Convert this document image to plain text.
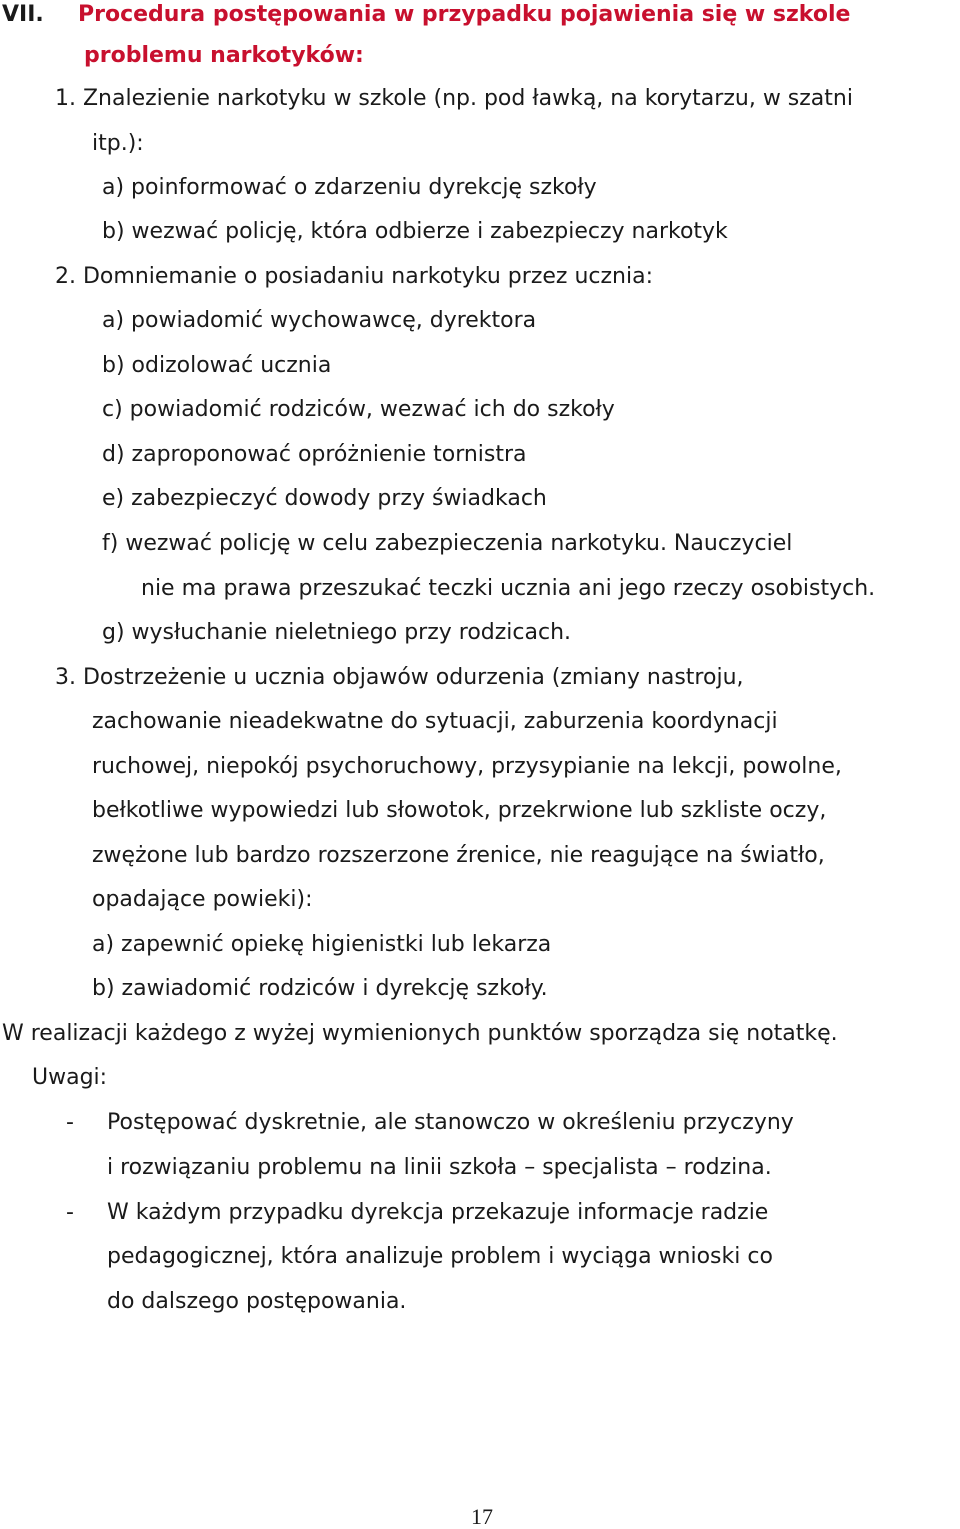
VII. Procedura postępowania w przypadku pojawienia się w szkole
problemu narkotyków:
1. Znalezienie narkotyku w szkole (np. pod ławką, na korytarzu, w szatni
itp.):
a) poinformować o zdarzeniu dyrekcję szkoły
b) wezwać policję, która odbierze i zabezpieczy narkotyk
2. Domniemanie o posiadaniu narkotyku przez ucznia:
a) powiadomić wychowawcę, dyrektora
b) odizolować ucznia
c) powiadomić rodziców, wezwać ich do szkoły
d) zaproponować opróżnienie tornistra
e) zabezpieczyć dowody przy świadkach
f) wezwać policję w celu zabezpieczenia narkotyku. Nauczyciel
nie ma prawa przeszukać teczki ucznia ani jego rzeczy osobistych.
g) wysłuchanie nieletniego przy rodzicach.
3. Dostrzeżenie u ucznia objawów odurzenia (zmiany nastroju,
zachowanie nieadekwatne do sytuacji, zaburzenia koordynacji
ruchowej, niepokój psychoruchowy, przysypianie na lekcji, powolne,
bełkotliwe wypowiedzi lub słowotok, przekrwione lub szkliste oczy,
zwężone lub bardzo rozszerzone źrenice, nie reagujące na światło,
opadające powieki):
a) zapewnić opiekę higienistki lub lekarza
b) zawiadomić rodziców i dyrekcję szkoły.
W realizacji każdego z wyżej wymienionych punktów sporządza się notatkę.
Uwagi:
- Postępować dyskretnie, ale stanowczo w określeniu przyczyny
i rozwiązaniu problemu na linii szkoła – specjalista – rodzina.
- W każdym przypadku dyrekcja przekazuje informacje radzie
pedagogicznej, która analizuje problem i wyciąga wnioski co
do dalszego postępowania.
17
